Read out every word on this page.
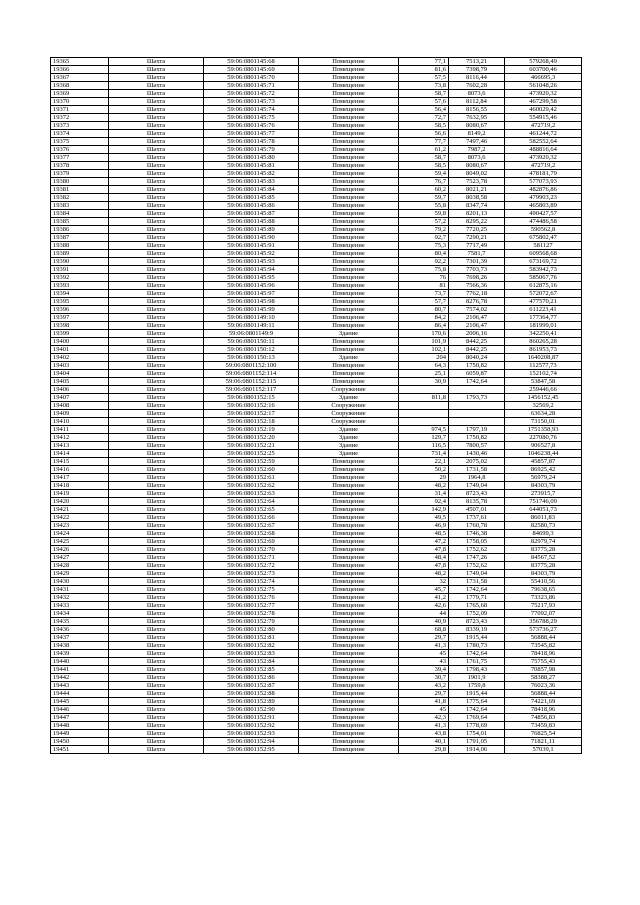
19365	Шахта	59:06:0801145:68	Помещение	77,1	7513,21	579268,49
19366	Шахта	59:06:0801145:69	Помещение	81,6	7398,79	603700,46
19367	Шахта	59:06:0801145:70	Помещение	57,5	8116,44	466695,3
19368	Шахта	59:06:0801145:71	Помещение	73,8	7602,28	561048,26
19369	Шахта	59:06:0801145:72	Помещение	58,7	8073,6	473920,32
19370	Шахта	59:06:0801145:73	Помещение	57,6	8112,84	467299,58
19371	Шахта	59:06:0801145:74	Помещение	56,4	8156,55	460029,42
19372	Шахта	59:06:0801145:75	Помещение	72,7	7632,95	554915,46
19373	Шахта	59:06:0801145:76	Помещение	58,5	8080,67	472719,2
19374	Шахта	59:06:0801145:77	Помещение	56,6	8149,2	461244,72
19375	Шахта	59:06:0801145:78	Помещение	77,7	7497,46	582552,64
19376	Шахта	59:06:0801145:79	Помещение	61,2	7987,2	488816,64
19377	Шахта	59:06:0801145:80	Помещение	58,7	8073,6	473920,32
19378	Шахта	59:06:0801145:81	Помещение	58,5	8080,67	472719,2
19379	Шахта	59:06:0801145:82	Помещение	59,4	8049,02	478181,79
19380	Шахта	59:06:0801145:83	Помещение	76,7	7523,78	577073,93
19381	Шахта	59:06:0801145:84	Помещение	60,2	8021,21	482876,86
19382	Шахта	59:06:0801145:85	Помещение	59,7	8038,58	479903,23
19383	Шахта	59:06:0801145:86	Помещение	55,8	8347,74	465803,89
19384	Шахта	59:06:0801145:87	Помещение	59,8	8201,13	490427,57
19385	Шахта	59:06:0801145:88	Помещение	57,2	8295,22	474486,58
19386	Шахта	59:06:0801145:89	Помещение	79,2	7720,25	590562,8
19387	Шахта	59:06:0801145:90	Помещение	92,7	7290,21	675802,47
19388	Шахта	59:06:0801145:91	Помещение	75,3	7717,49	581127
19389	Шахта	59:06:0801145:92	Помещение	80,4	7581,7	609568,68
19390	Шахта	59:06:0801145:93	Помещение	92,2	7301,39	673169,72
19391	Шахта	59:06:0801145:94	Помещение	75,8	7703,73	583942,73
19392	Шахта	59:06:0801145:95	Помещение	76	7698,26	585067,76
19393	Шахта	59:06:0801145:96	Помещение	81	7566,36	612875,16
19394	Шахта	59:06:0801145:97	Помещение	73,7	7762,18	572072,67
19395	Шахта	59:06:0801145:98	Помещение	57,7	8276,78	477570,21
19396	Шахта	59:06:0801145:99	Помещение	80,7	7574,02	611223,41
19397	Шахта	59:06:0801149:10	Помещение	84,2	2106,47	177364,77
19398	Шахта	59:06:0801149:11	Помещение	86,4	2106,47	181999,01
19399	Шахта	59:06:0801149:9	Здание	170,6	2006,16	342250,41
19400	Шахта	59:06:0801150:11	Помещение	101,9	8442,25	860265,28
19401	Шахта	59:06:0801150:12	Помещение	102,1	8442,25	861953,73
19402	Шахта	59:06:0801150:13	Здание	204	8040,24	1640208,87
19403	Шахта	59:06:0801152:100	Помещение	64,3	1750,82	112577,73
19404	Шахта	59:06:0801152:114	Помещение	25,1	6059,87	152102,74
19405	Шахта	59:06:0801152:115	Помещение	30,9	1742,64	53847,58
19406	Шахта	59:06:0801152:117	Сооружение			259446,66
19407	Шахта	59:06:0801152:15	Здание	811,8	1793,73	1456152,45
19408	Шахта	59:06:0801152:16	Сооружение			32569,2
19409	Шахта	59:06:0801152:17	Сооружение			63634,28
19410	Шахта	59:06:0801152:18	Сооружение			73150,01
19411	Шахта	59:06:0801152:19	Здание	974,5	1797,19	1751358,93
19412	Шахта	59:06:0801152:20	Здание	129,7	1750,82	227080,76
19413	Шахта	59:06:0801152:21	Здание	116,5	7800,57	906527,8
19414	Шахта	59:06:0801152:25	Здание	731,4	1430,46	1046238,44
19415	Шахта	59:06:0801152:59	Помещение	22,1	2075,02	45857,87
19416	Шахта	59:06:0801152:60	Помещение	50,2	1731,58	86925,42
19417	Шахта	59:06:0801152:61	Помещение	29	1964,8	56979,24
19418	Шахта	59:06:0801152:62	Помещение	48,2	1749,04	84303,79
19419	Шахта	59:06:0801152:63	Помещение	31,4	8723,43	273915,7
19420	Шахта	59:06:0801152:64	Помещение	92,4	8135,78	751746,09
19421	Шахта	59:06:0801152:65	Помещение	142,9	4507,01	644051,73
19422	Шахта	59:06:0801152:66	Помещение	49,5	1737,61	86011,83
19423	Шахта	59:06:0801152:67	Помещение	46,9	1760,78	82580,73
19424	Шахта	59:06:0801152:68	Помещение	48,5	1746,38	84699,3
19425	Шахта	59:06:0801152:69	Помещение	47,2	1758,05	82979,74
19426	Шахта	59:06:0801152:70	Помещение	47,8	1752,62	83775,28
19427	Шахта	59:06:0801152:71	Помещение	48,4	1747,26	84567,52
19428	Шахта	59:06:0801152:72	Помещение	47,8	1752,62	83775,28
19429	Шахта	59:06:0801152:73	Помещение	48,2	1749,04	84303,79
19430	Шахта	59:06:0801152:74	Помещение	32	1731,58	55410,56
19431	Шахта	59:06:0801152:75	Помещение	45,7	1742,64	79638,65
19432	Шахта	59:06:0801152:76	Помещение	41,2	1779,71	73323,86
19433	Шахта	59:06:0801152:77	Помещение	42,6	1765,68	75217,93
19434	Шахта	59:06:0801152:78	Помещение	44	1752,09	77092,07
19435	Шахта	59:06:0801152:79	Помещение	40,9	8723,43	356788,29
19436	Шахта	59:06:0801152:80	Помещение	68,8	8339,19	573736,27
19437	Шахта	59:06:0801152:81	Помещение	29,7	1915,44	56888,44
19438	Шахта	59:06:0801152:82	Помещение	41,3	1780,73	73545,82
19439	Шахта	59:06:0801152:83	Помещение	45	1742,64	78418,96
19440	Шахта	59:06:0801152:84	Помещение	43	1761,75	75755,43
19441	Шахта	59:06:0801152:85	Помещение	39,4	1798,43	70857,98
19442	Шахта	59:06:0801152:86	Помещение	30,7	1901,9	58388,27
19443	Шахта	59:06:0801152:87	Помещение	43,2	1759,8	76023,36
19444	Шахта	59:06:0801152:88	Помещение	29,7	1915,44	56888,44
19445	Шахта	59:06:0801152:89	Помещение	41,8	1775,64	74221,69
19446	Шахта	59:06:0801152:90	Помещение	45	1742,64	78418,96
19447	Шахта	59:06:0801152:91	Помещение	42,3	1769,64	74856,83
19448	Шахта	59:06:0801152:92	Помещение	41,3	1778,69	73459,83
19449	Шахта	59:06:0801152:93	Помещение	43,8	1754,01	76825,54
19450	Шахта	59:06:0801152:94	Помещение	40,1	1791,05	71821,11
19451	Шахта	59:06:0801152:95	Помещение	29,8	1914,06	57039,1
